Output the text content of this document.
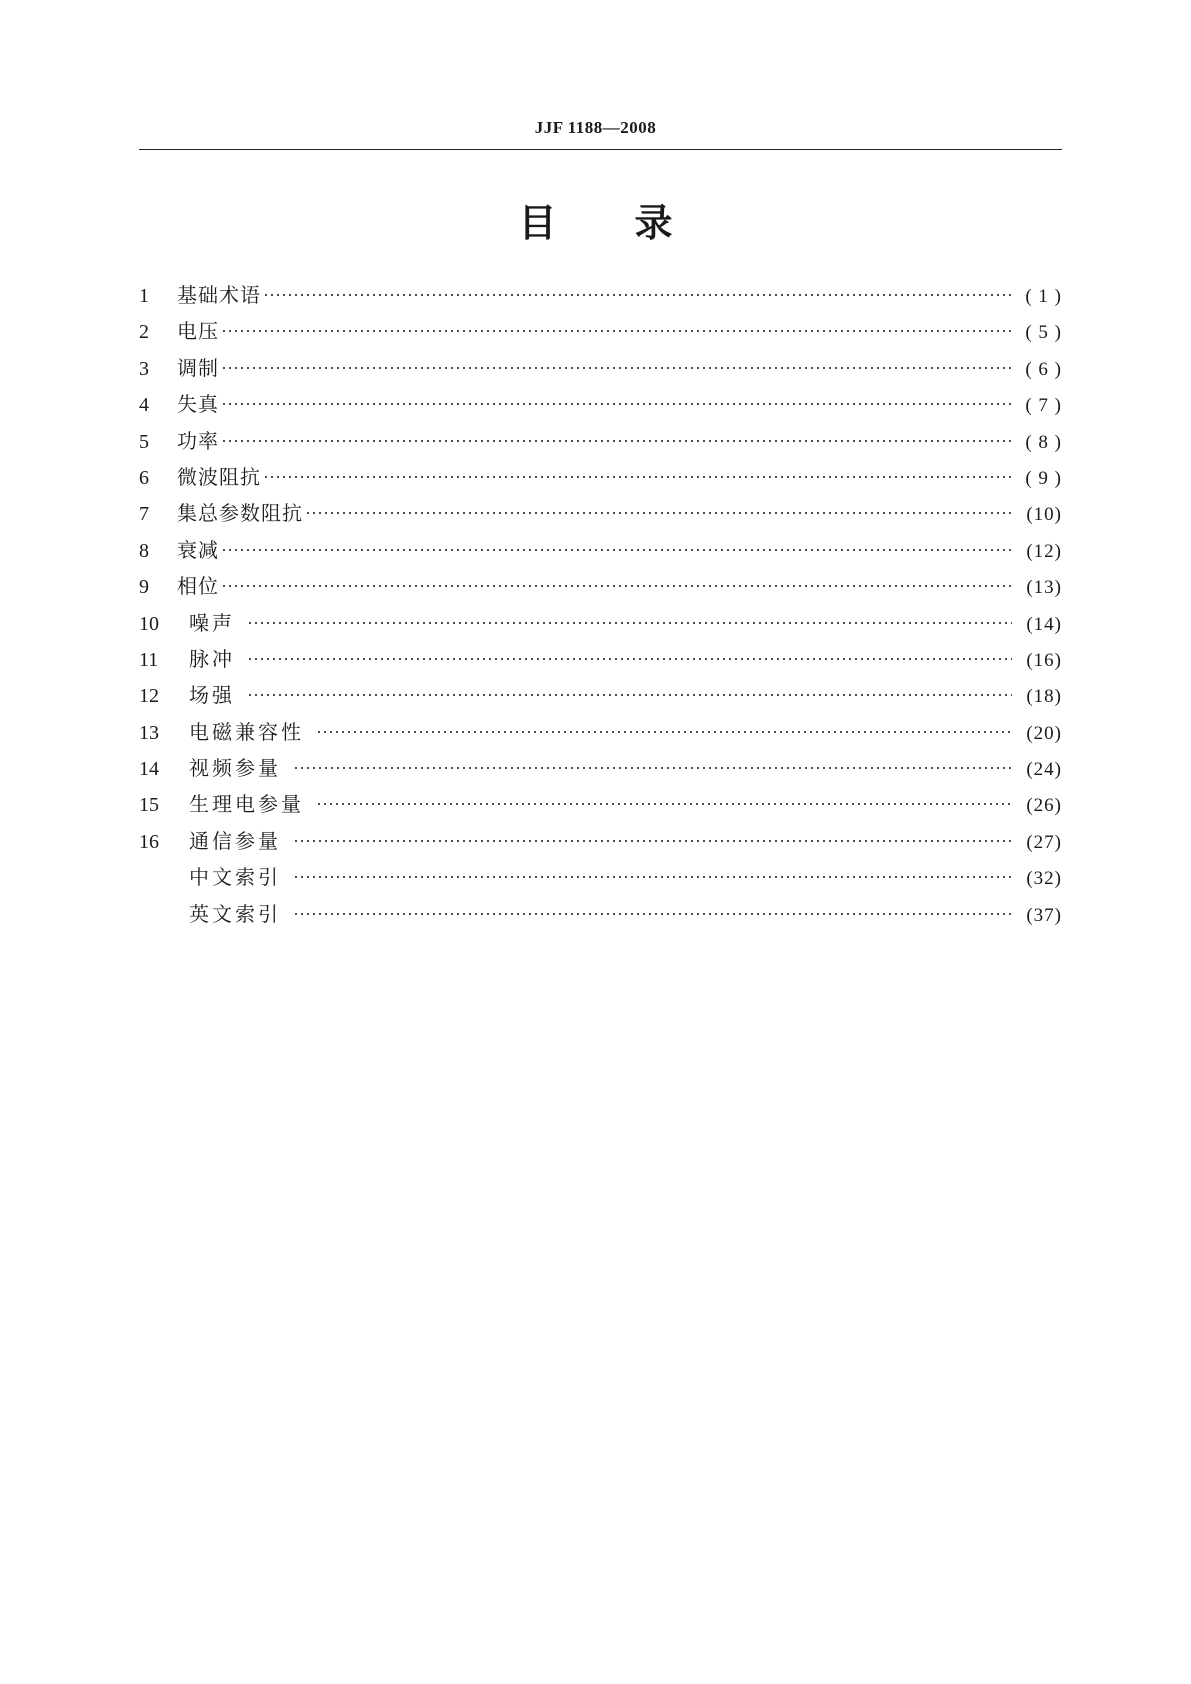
JJF 1188—2008
目 录
1	基础术语	( 1 )
2	电压	( 5 )
3	调制	( 6 )
4	失真	( 7 )
5	功率	( 8 )
6	微波阻抗	( 9 )
7	集总参数阻抗	(10)
8	衰减	(12)
9	相位	(13)
10	噪声	(14)
11	脉冲	(16)
12	场强	(18)
13	电磁兼容性	(20)
14	视频参量	(24)
15	生理电参量	(26)
16	通信参量	(27)
中文索引	(32)
英文索引	(37)
